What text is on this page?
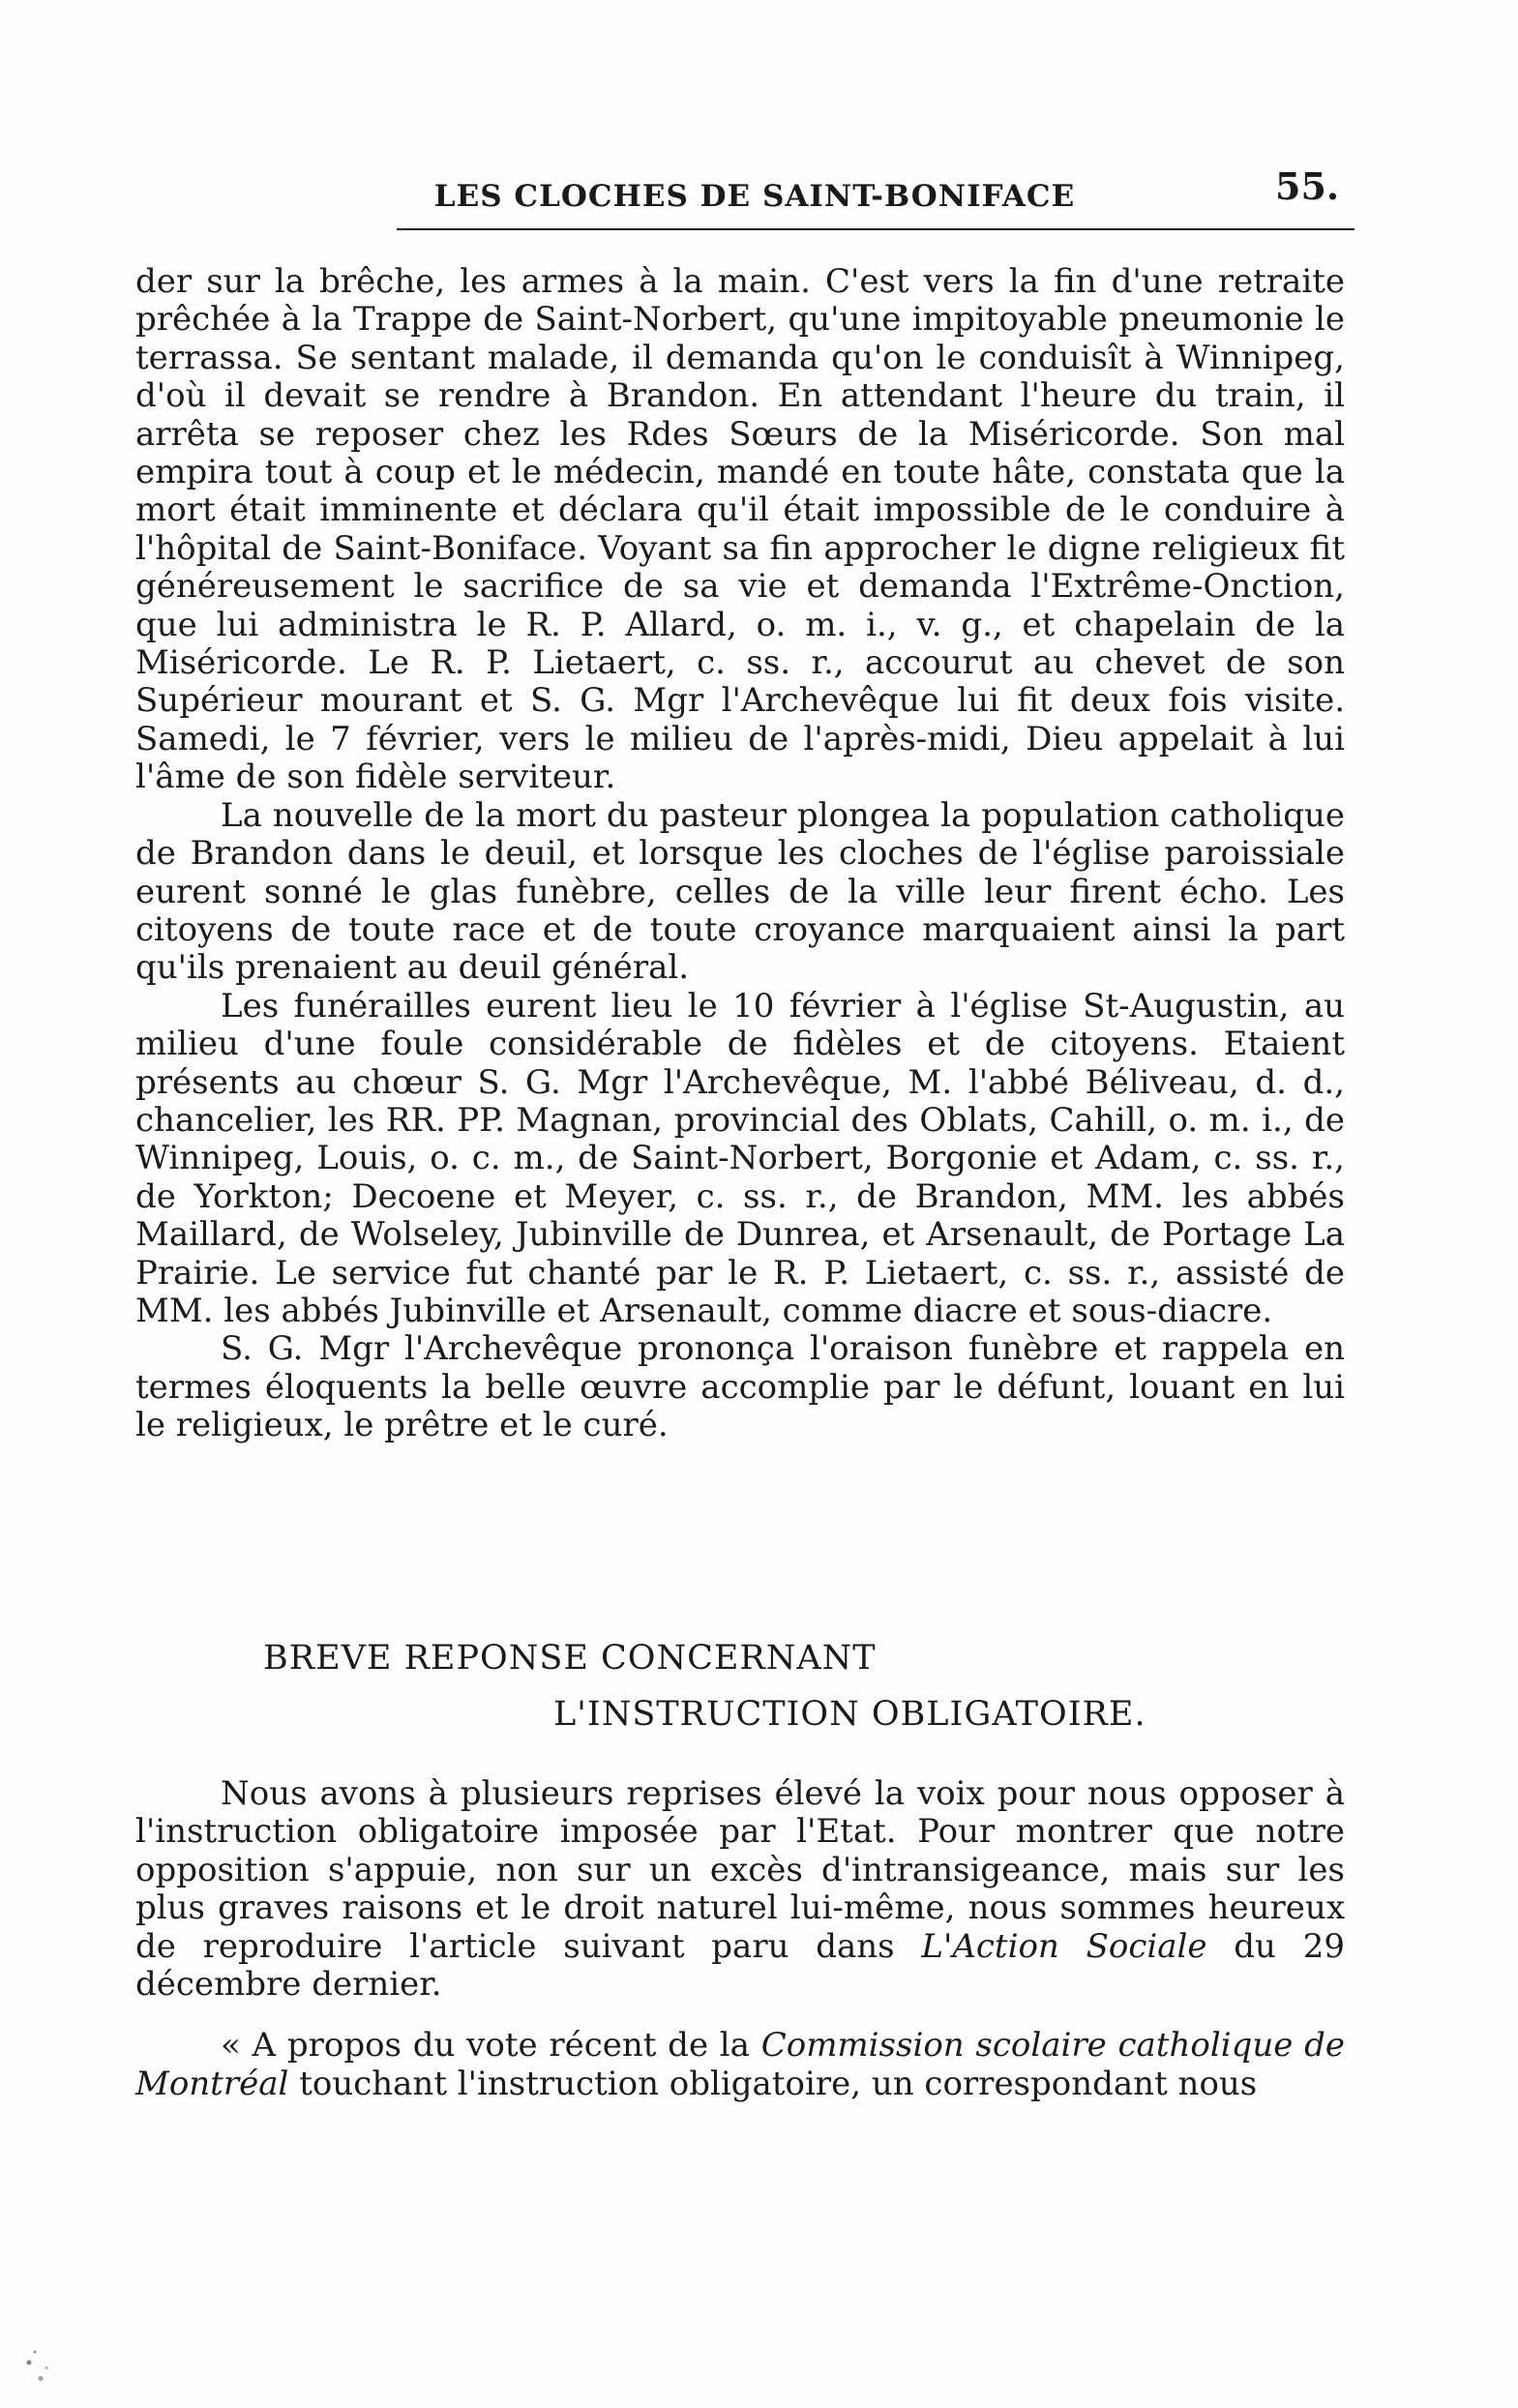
LES CLOCHES DE SAINT-BONIFACE	55.

der sur la brêche, les armes à la main. C'est vers la fin d'une retraite prêchée à la Trappe de Saint-Norbert, qu'une impitoyable pneumonie le terrassa. Se sentant malade, il demanda qu'on le conduisît à Winnipeg, d'où il devait se rendre à Brandon. En attendant l'heure du train, il arrêta se reposer chez les Rdes Sœurs de la Miséricorde. Son mal empira tout à coup et le médecin, mandé en toute hâte, constata que la mort était imminente et déclara qu'il était impossible de le conduire à l'hôpital de Saint-Boniface. Voyant sa fin approcher le digne religieux fit généreusement le sacrifice de sa vie et demanda l'Extrême-Onction, que lui administra le R. P. Allard, o. m. i., v. g., et chapelain de la Miséricorde. Le R. P. Lietaert, c. ss. r., accourut au chevet de son Supérieur mourant et S. G. Mgr l'Archevêque lui fit deux fois visite. Samedi, le 7 février, vers le milieu de l'après-midi, Dieu appelait à lui l'âme de son fidèle serviteur.

La nouvelle de la mort du pasteur plongea la population catholique de Brandon dans le deuil, et lorsque les cloches de l'église paroissiale eurent sonné le glas funèbre, celles de la ville leur firent écho. Les citoyens de toute race et de toute croyance marquaient ainsi la part qu'ils prenaient au deuil général.

Les funérailles eurent lieu le 10 février à l'église St-Augustin, au milieu d'une foule considérable de fidèles et de citoyens. Etaient présents au chœur S. G. Mgr l'Archevêque, M. l'abbé Béliveau, d. d., chancelier, les RR. PP. Magnan, provincial des Oblats, Cahill, o. m. i., de Winnipeg, Louis, o. c. m., de Saint-Norbert, Borgonie et Adam, c. ss. r., de Yorkton; Decoene et Meyer, c. ss. r., de Brandon, MM. les abbés Maillard, de Wolseley, Jubinville de Dunrea, et Arsenault, de Portage La Prairie. Le service fut chanté par le R. P. Lietaert, c. ss. r., assisté de MM. les abbés Jubinville et Arsenault, comme diacre et sous-diacre.

S. G. Mgr l'Archevêque prononça l'oraison funèbre et rappela en termes éloquents la belle œuvre accomplie par le défunt, louant en lui le religieux, le prêtre et le curé.

BREVE REPONSE CONCERNANT
L'INSTRUCTION OBLIGATOIRE.

Nous avons à plusieurs reprises élevé la voix pour nous opposer à l'instruction obligatoire imposée par l'Etat. Pour montrer que notre opposition s'appuie, non sur un excès d'intransigeance, mais sur les plus graves raisons et le droit naturel lui-même, nous sommes heureux de reproduire l'article suivant paru dans L'Action Sociale du 29 décembre dernier.

« A propos du vote récent de la Commission scolaire catholique de Montréal touchant l'instruction obligatoire, un correspondant nous
